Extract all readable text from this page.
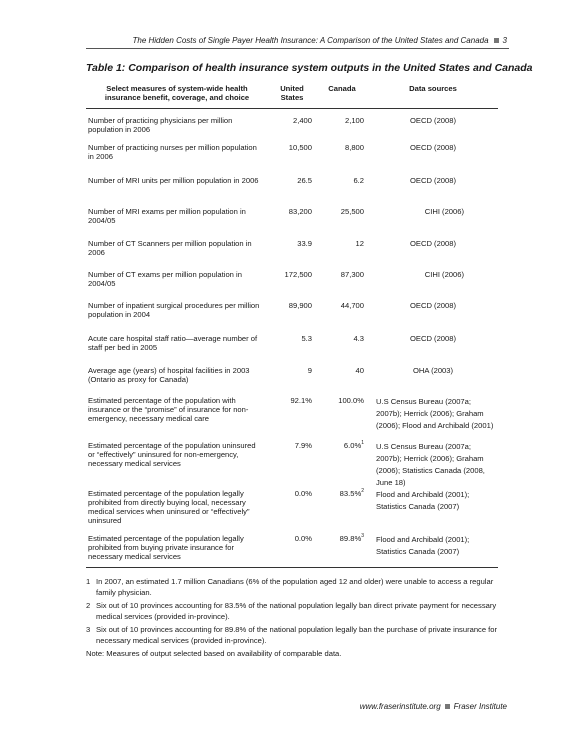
The Hidden Costs of Single Payer Health Insurance: A Comparison of the United States and Canada 3
Table 1: Comparison of health insurance system outputs in the United States and Canada
Select measures of system-wide health insurance benefit, coverage, and choice	United States	Canada	Data sources
Number of practicing physicians per million population in 2006	2,400	2,100	OECD (2008)
Number of practicing nurses per million population in 2006	10,500	8,800	OECD (2008)
Number of MRI units per million population in 2006	26.5	6.2	OECD (2008)
Number of MRI exams per million population in 2004/05	83,200	25,500	CIHI (2006)
Number of CT Scanners per million population in 2006	33.9	12	OECD (2008)
Number of CT exams per million population in 2004/05	172,500	87,300	CIHI (2006)
Number of inpatient surgical procedures per million population in 2004	89,900	44,700	OECD (2008)
Acute care hospital staff ratio—average number of staff per bed in 2005	5.3	4.3	OECD (2008)
Average age (years) of hospital facilities in 2003 (Ontario as proxy for Canada)	9	40	OHA (2003)
Estimated percentage of the population with insurance or the “promise” of insurance for non-emergency, necessary medical care	92.1%	100.0%	U.S Census Bureau (2007a; 2007b); Herrick (2006); Graham (2006); Flood and Archibald (2001)
Estimated percentage of the population uninsured or “effectively” uninsured for non-emergency, necessary medical services	7.9%	6.0%$^1$	U.S Census Bureau (2007a; 2007b); Herrick (2006); Graham (2006); Statistics Canada (2008, June 18)
Estimated percentage of the population legally prohibited from directly buying local, necessary medical services when uninsured or “effectively” uninsured	0.0%	83.5%$^2$	Flood and Archibald (2001); Statistics Canada (2007)
Estimated percentage of the population legally prohibited from buying private insurance for necessary medical services	0.0%	89.8%$^3$	Flood and Archibald (2001); Statistics Canada (2007)
1 In 2007, an estimated 1.7 million Canadians (6% of the population aged 12 and older) were unable to access a regular family physician.
2 Six out of 10 provinces accounting for 83.5% of the national population legally ban direct private payment for necessary medical services (provided in-province).
3 Six out of 10 provinces accounting for 89.8% of the national population legally ban the purchase of private insurance for necessary medical services (provided in-province).
Note: Measures of output selected based on availability of comparable data.
www.fraserinstitute.org Fraser Institute
